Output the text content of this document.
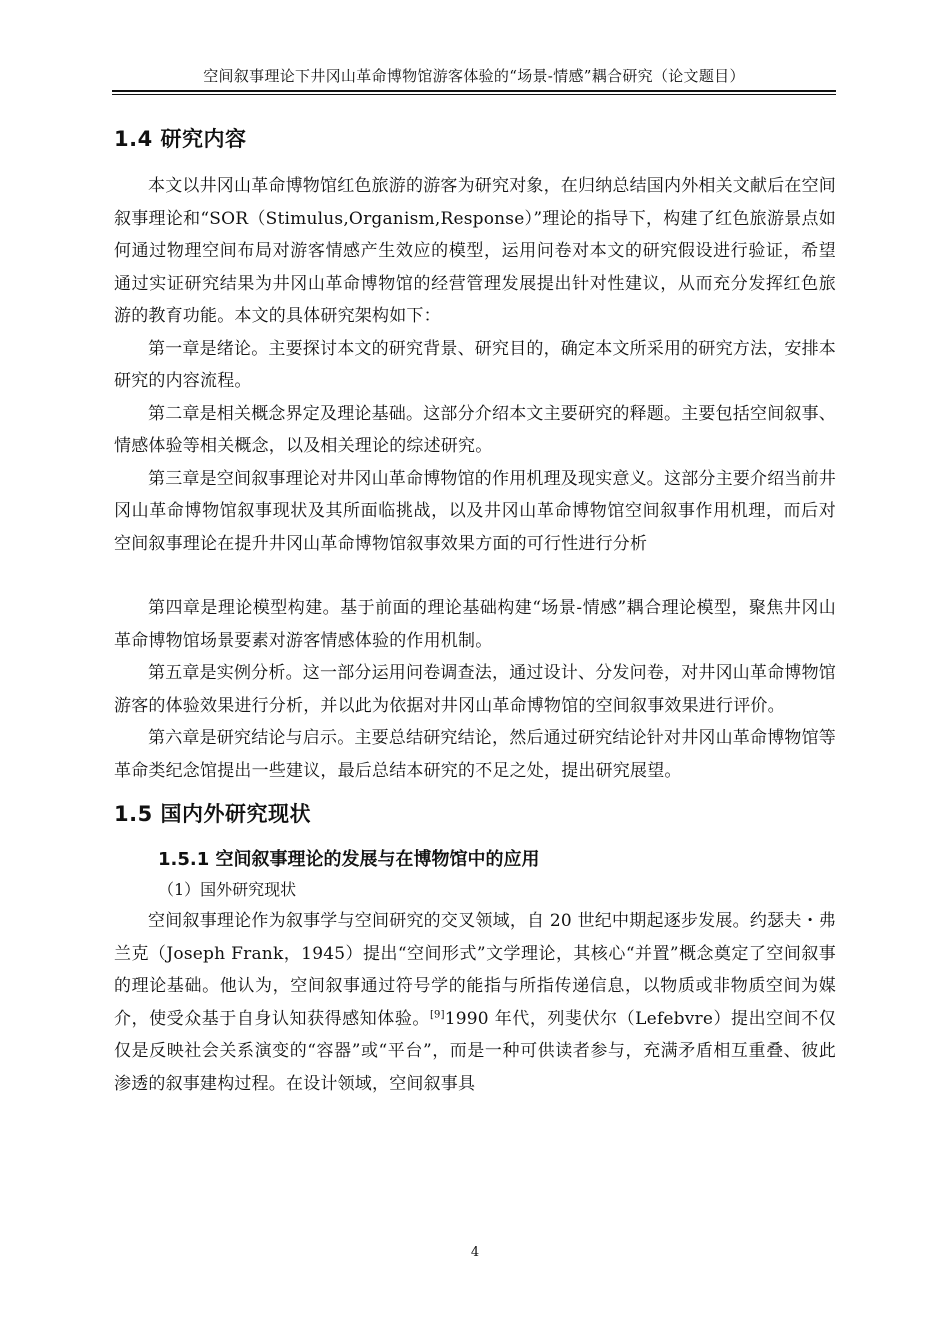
空间叙事理论下井冈山革命博物馆游客体验的“场景-情感”耦合研究（论文题目）
1.4 研究内容

本文以井冈山革命博物馆红色旅游的游客为研究对象，在归纳总结国内外相关文献后在空间叙事理论和“SOR（Stimulus,Organism,Response）”理论的指导下，构建了红色旅游景点如何通过物理空间布局对游客情感产生效应的模型，运用问卷对本文的研究假设进行验证，希望通过实证研究结果为井冈山革命博物馆的经营管理发展提出针对性建议，从而充分发挥红色旅游的教育功能。本文的具体研究架构如下：

第一章是绪论。主要探讨本文的研究背景、研究目的，确定本文所采用的研究方法，安排本研究的内容流程。

第二章是相关概念界定及理论基础。这部分介绍本文主要研究的释题。主要包括空间叙事、情感体验等相关概念，以及相关理论的综述研究。

第三章是空间叙事理论对井冈山革命博物馆的作用机理及现实意义。这部分主要介绍当前井冈山革命博物馆叙事现状及其所面临挑战，以及井冈山革命博物馆空间叙事作用机理，而后对空间叙事理论在提升井冈山革命博物馆叙事效果方面的可行性进行分析

第四章是理论模型构建。基于前面的理论基础构建“场景-情感”耦合理论模型，聚焦井冈山革命博物馆场景要素对游客情感体验的作用机制。

第五章是实例分析。这一部分运用问卷调查法，通过设计、分发问卷，对井冈山革命博物馆游客的体验效果进行分析，并以此为依据对井冈山革命博物馆的空间叙事效果进行评价。

第六章是研究结论与启示。主要总结研究结论，然后通过研究结论针对井冈山革命博物馆等革命类纪念馆提出一些建议，最后总结本研究的不足之处，提出研究展望。

1.5 国内外研究现状
1.5.1 空间叙事理论的发展与在博物馆中的应用

（1）国外研究现状

空间叙事理论作为叙事学与空间研究的交叉领域，自 20 世纪中期起逐步发展。约瑟夫・弗兰克（Joseph Frank，1945）提出“空间形式”文学理论，其核心“并置”概念奠定了空间叙事的理论基础。他认为，空间叙事通过符号学的能指与所指传递信息，以物质或非物质空间为媒介，使受众基于自身认知获得感知体验。[9]1990 年代，列斐伏尔（Lefebvre）提出空间不仅仅是反映社会关系演变的“容器”或“平台”，而是一种可供读者参与，充满矛盾相互重叠、彼此渗透的叙事建构过程。在设计领域，空间叙事具

4
